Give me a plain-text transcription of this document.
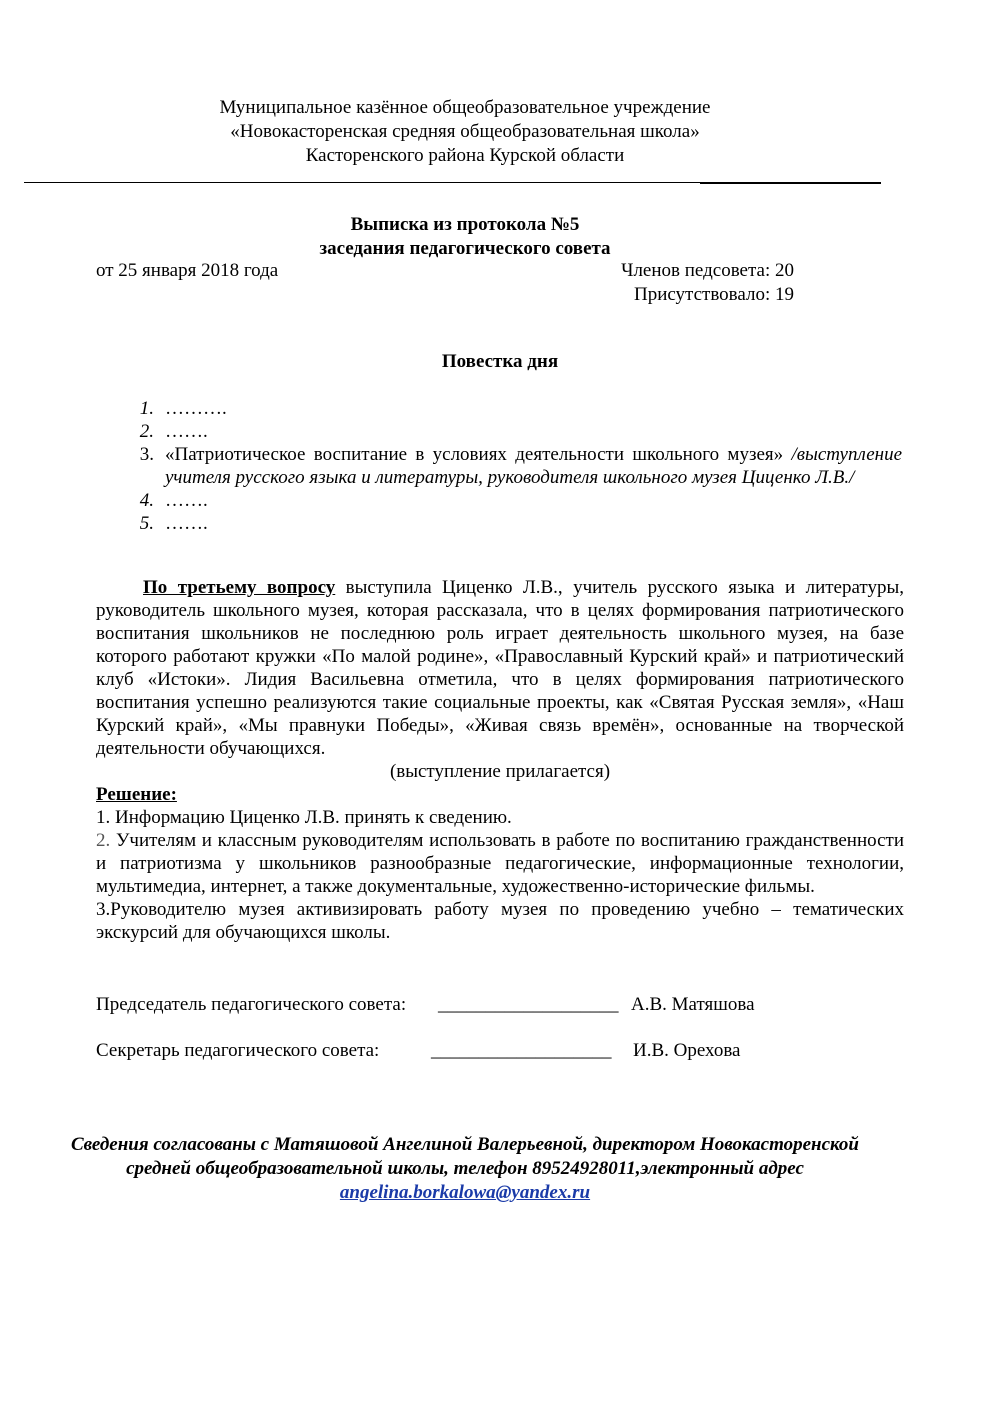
Муниципальное казённое общеобразовательное учреждение
«Новокасторенская средняя общеобразовательная школа»
Касторенского района Курской области
Выписка из протокола №5
заседания педагогического совета
от 25 января 2018 года	Членов педсовета: 20
Присутствовало: 19
Повестка дня
1. ……….
2. …….
3. «Патриотическое воспитание в условиях деятельности школьного музея» /выступление учителя русского языка и литературы, руководителя школьного музея Циценко Л.В./
4. …….
5. …….
По третьему вопросу выступила Циценко Л.В., учитель русского языка и литературы, руководитель школьного музея, которая рассказала, что в целях формирования патриотического воспитания школьников не последнюю роль играет деятельность школьного музея, на базе которого работают кружки «По малой родине», «Православный Курский край» и патриотический клуб «Истоки». Лидия Васильевна отметила, что в целях формирования патриотического воспитания успешно реализуются такие социальные проекты, как «Святая Русская земля», «Наш Курский край», «Мы правнуки Победы», «Живая связь времён», основанные на творческой деятельности обучающихся.
(выступление прилагается)
Решение:
1. Информацию Циценко Л.В. принять к сведению.
2. Учителям и классным руководителям использовать в работе по воспитанию гражданственности и патриотизма у школьников разнообразные педагогические, информационные технологии, мультимедиа, интернет, а также документальные, художественно-исторические фильмы.
3.Руководителю музея активизировать работу музея по проведению учебно – тематических экскурсий для обучающихся школы.
Председатель педагогического совета: ___________________ А.В. Матяшова
Секретарь педагогического совета:	___________________ И.В. Орехова
Сведения согласованы с Матяшовой Ангелиной Валерьевной, директором Новокасторенской
средней общеобразовательной школы, телефон 89524928011,электронный адрес
angelina.borkalowa@yandex.ru
